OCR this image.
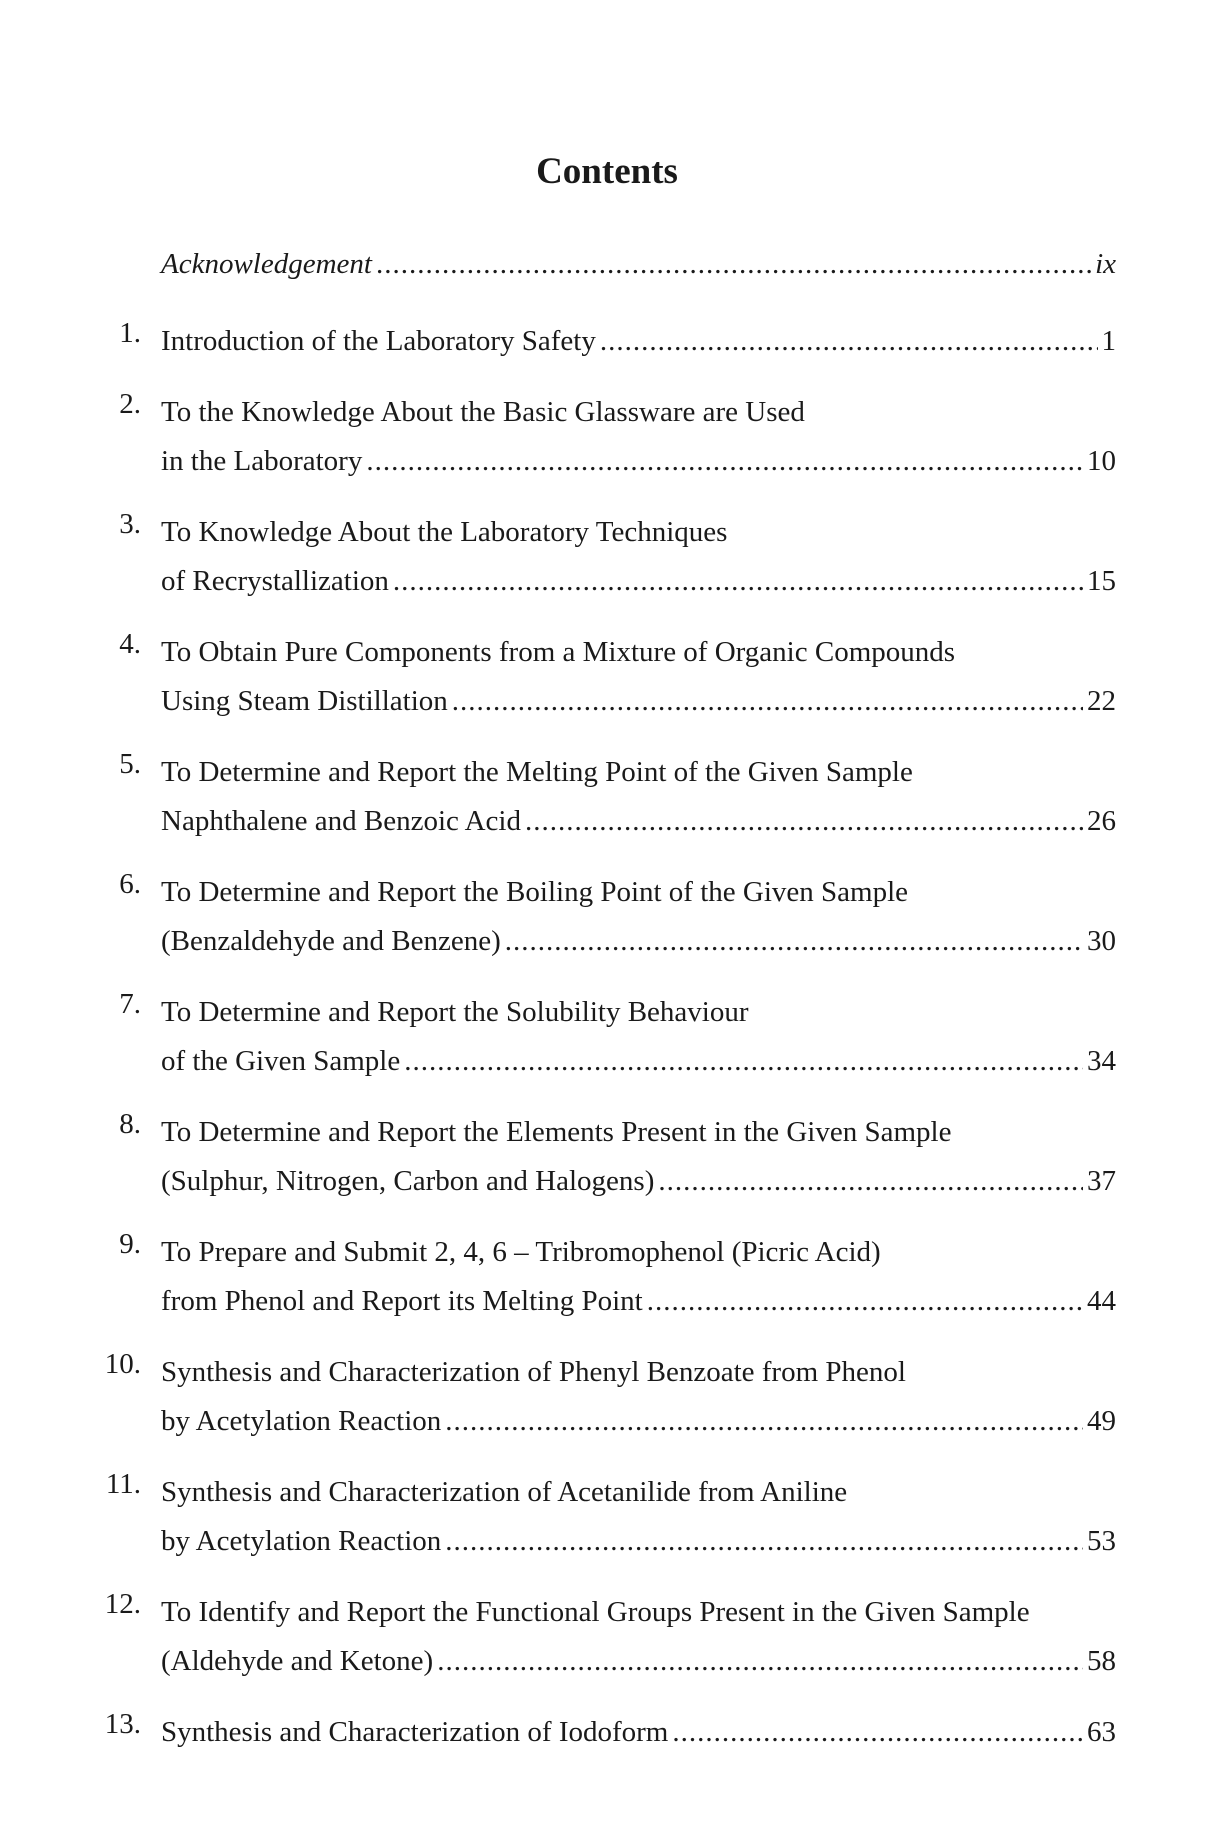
Contents
Acknowledgement .....	ix
1. Introduction of the Laboratory Safety .....	1
2. To the Knowledge About the Basic Glassware are Used
in the Laboratory .....	10
3. To Knowledge About the Laboratory Techniques
of Recrystallization .....	15
4. To Obtain Pure Components from a Mixture of Organic Compounds
Using Steam Distillation .....	22
5. To Determine and Report the Melting Point of the Given Sample
Naphthalene and Benzoic Acid .....	26
6. To Determine and Report the Boiling Point of the Given Sample
(Benzaldehyde and Benzene) .....	30
7. To Determine and Report the Solubility Behaviour
of the Given Sample .....	34
8. To Determine and Report the Elements Present in the Given Sample
(Sulphur, Nitrogen, Carbon and Halogens) .....	37
9. To Prepare and Submit 2, 4, 6 – Tribromophenol (Picric Acid)
from Phenol and Report its Melting Point .....	44
10. Synthesis and Characterization of Phenyl Benzoate from Phenol
by Acetylation Reaction .....	49
11. Synthesis and Characterization of Acetanilide from Aniline
by Acetylation Reaction .....	53
12. To Identify and Report the Functional Groups Present in the Given Sample
(Aldehyde and Ketone) .....	58
13. Synthesis and Characterization of Iodoform .....	63
